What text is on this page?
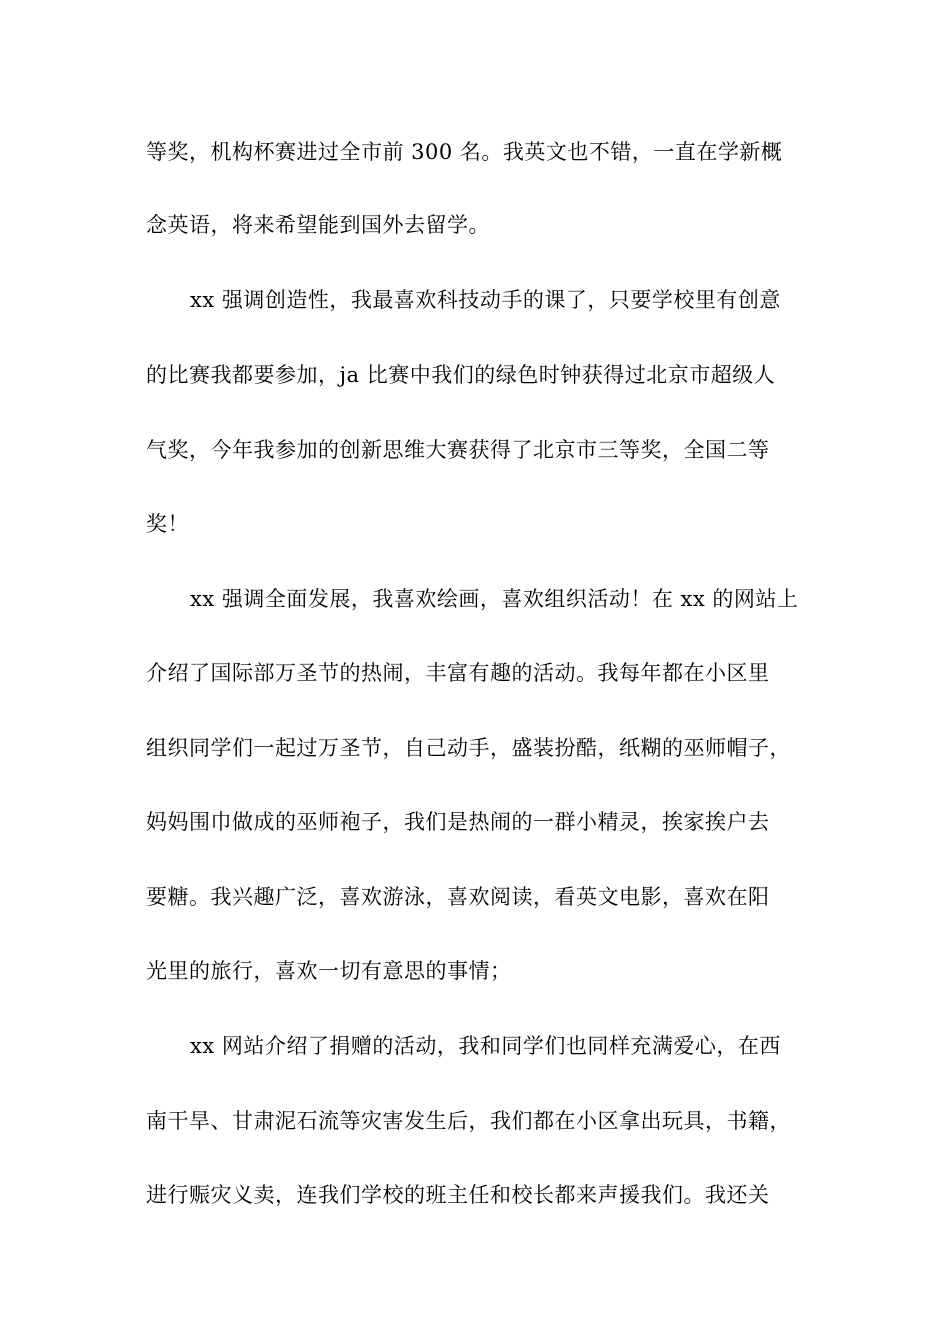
等奖，机构杯赛进过全市前 300 名。我英文也不错，一直在学新概
念英语，将来希望能到国外去留学。
xx 强调创造性，我最喜欢科技动手的课了，只要学校里有创意
的比赛我都要参加，ja 比赛中我们的绿色时钟获得过北京市超级人
气奖，今年我参加的创新思维大赛获得了北京市三等奖，全国二等
奖！
xx 强调全面发展，我喜欢绘画，喜欢组织活动！在 xx 的网站上
介绍了国际部万圣节的热闹，丰富有趣的活动。我每年都在小区里
组织同学们一起过万圣节，自己动手，盛装扮酷，纸糊的巫师帽子，
妈妈围巾做成的巫师袍子，我们是热闹的一群小精灵，挨家挨户去
要糖。我兴趣广泛，喜欢游泳，喜欢阅读，看英文电影，喜欢在阳
光里的旅行，喜欢一切有意思的事情；
xx 网站介绍了捐赠的活动，我和同学们也同样充满爱心，在西
南干旱、甘肃泥石流等灾害发生后，我们都在小区拿出玩具，书籍，
进行赈灾义卖，连我们学校的班主任和校长都来声援我们。我还关
